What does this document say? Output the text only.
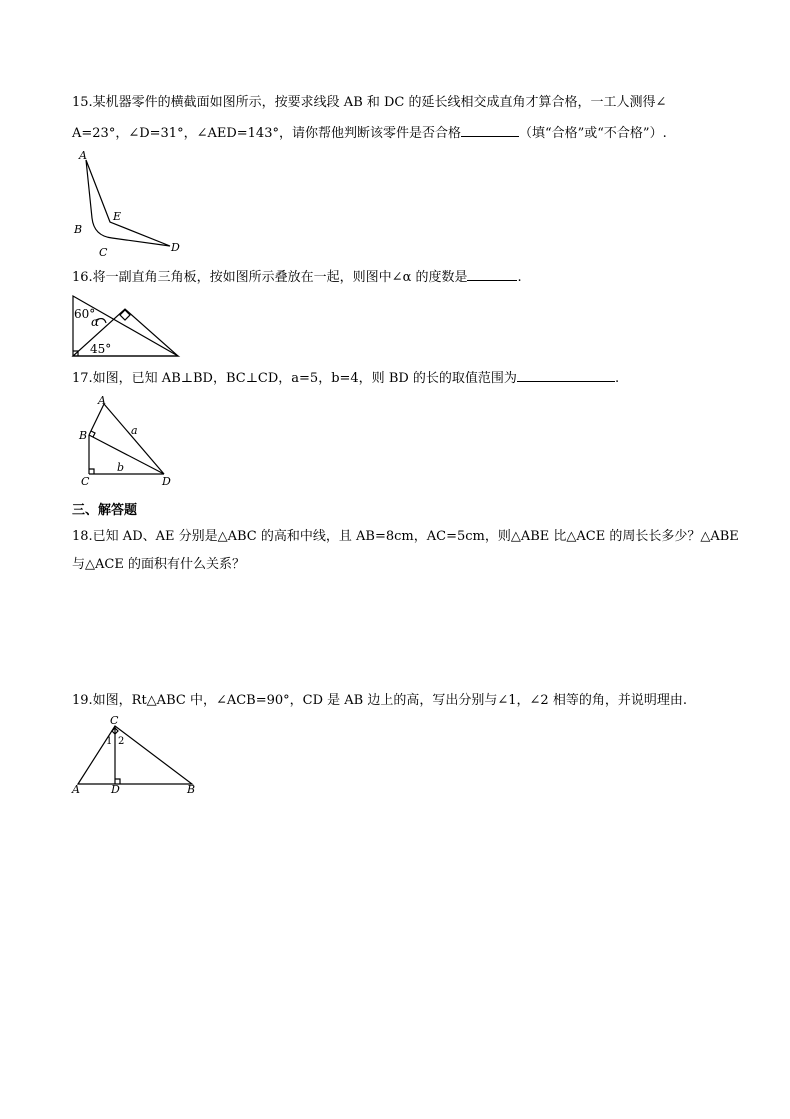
15.某机器零件的横截面如图所示，按要求线段 AB 和 DC 的延长线相交成直角才算合格，一工人测得∠
A=23°，∠D=31°，∠AED=143°，请你帮他判断该零件是否合格	（填“合格”或“不合格”）.
A
B
C	D
E
16.将一副直角三角板，按如图所示叠放在一起，则图中∠α 的度数是	.
60°
α
45°
17.如图，已知 AB⊥BD，BC⊥CD，a=5，b=4，则 BD 的长的取值范围为	.
A
B
C	D
a
b
三、解答题
18.已知 AD、AE 分别是△ABC 的高和中线，且 AB=8cm，AC=5cm，则△ABE 比△ACE 的周长长多少？△ABE
与△ACE 的面积有什么关系？
19.如图，Rt△ABC 中，∠ACB=90°，CD 是 AB 边上的高，写出分别与∠1，∠2 相等的角，并说明理由.
C
A	D	B
1 2
